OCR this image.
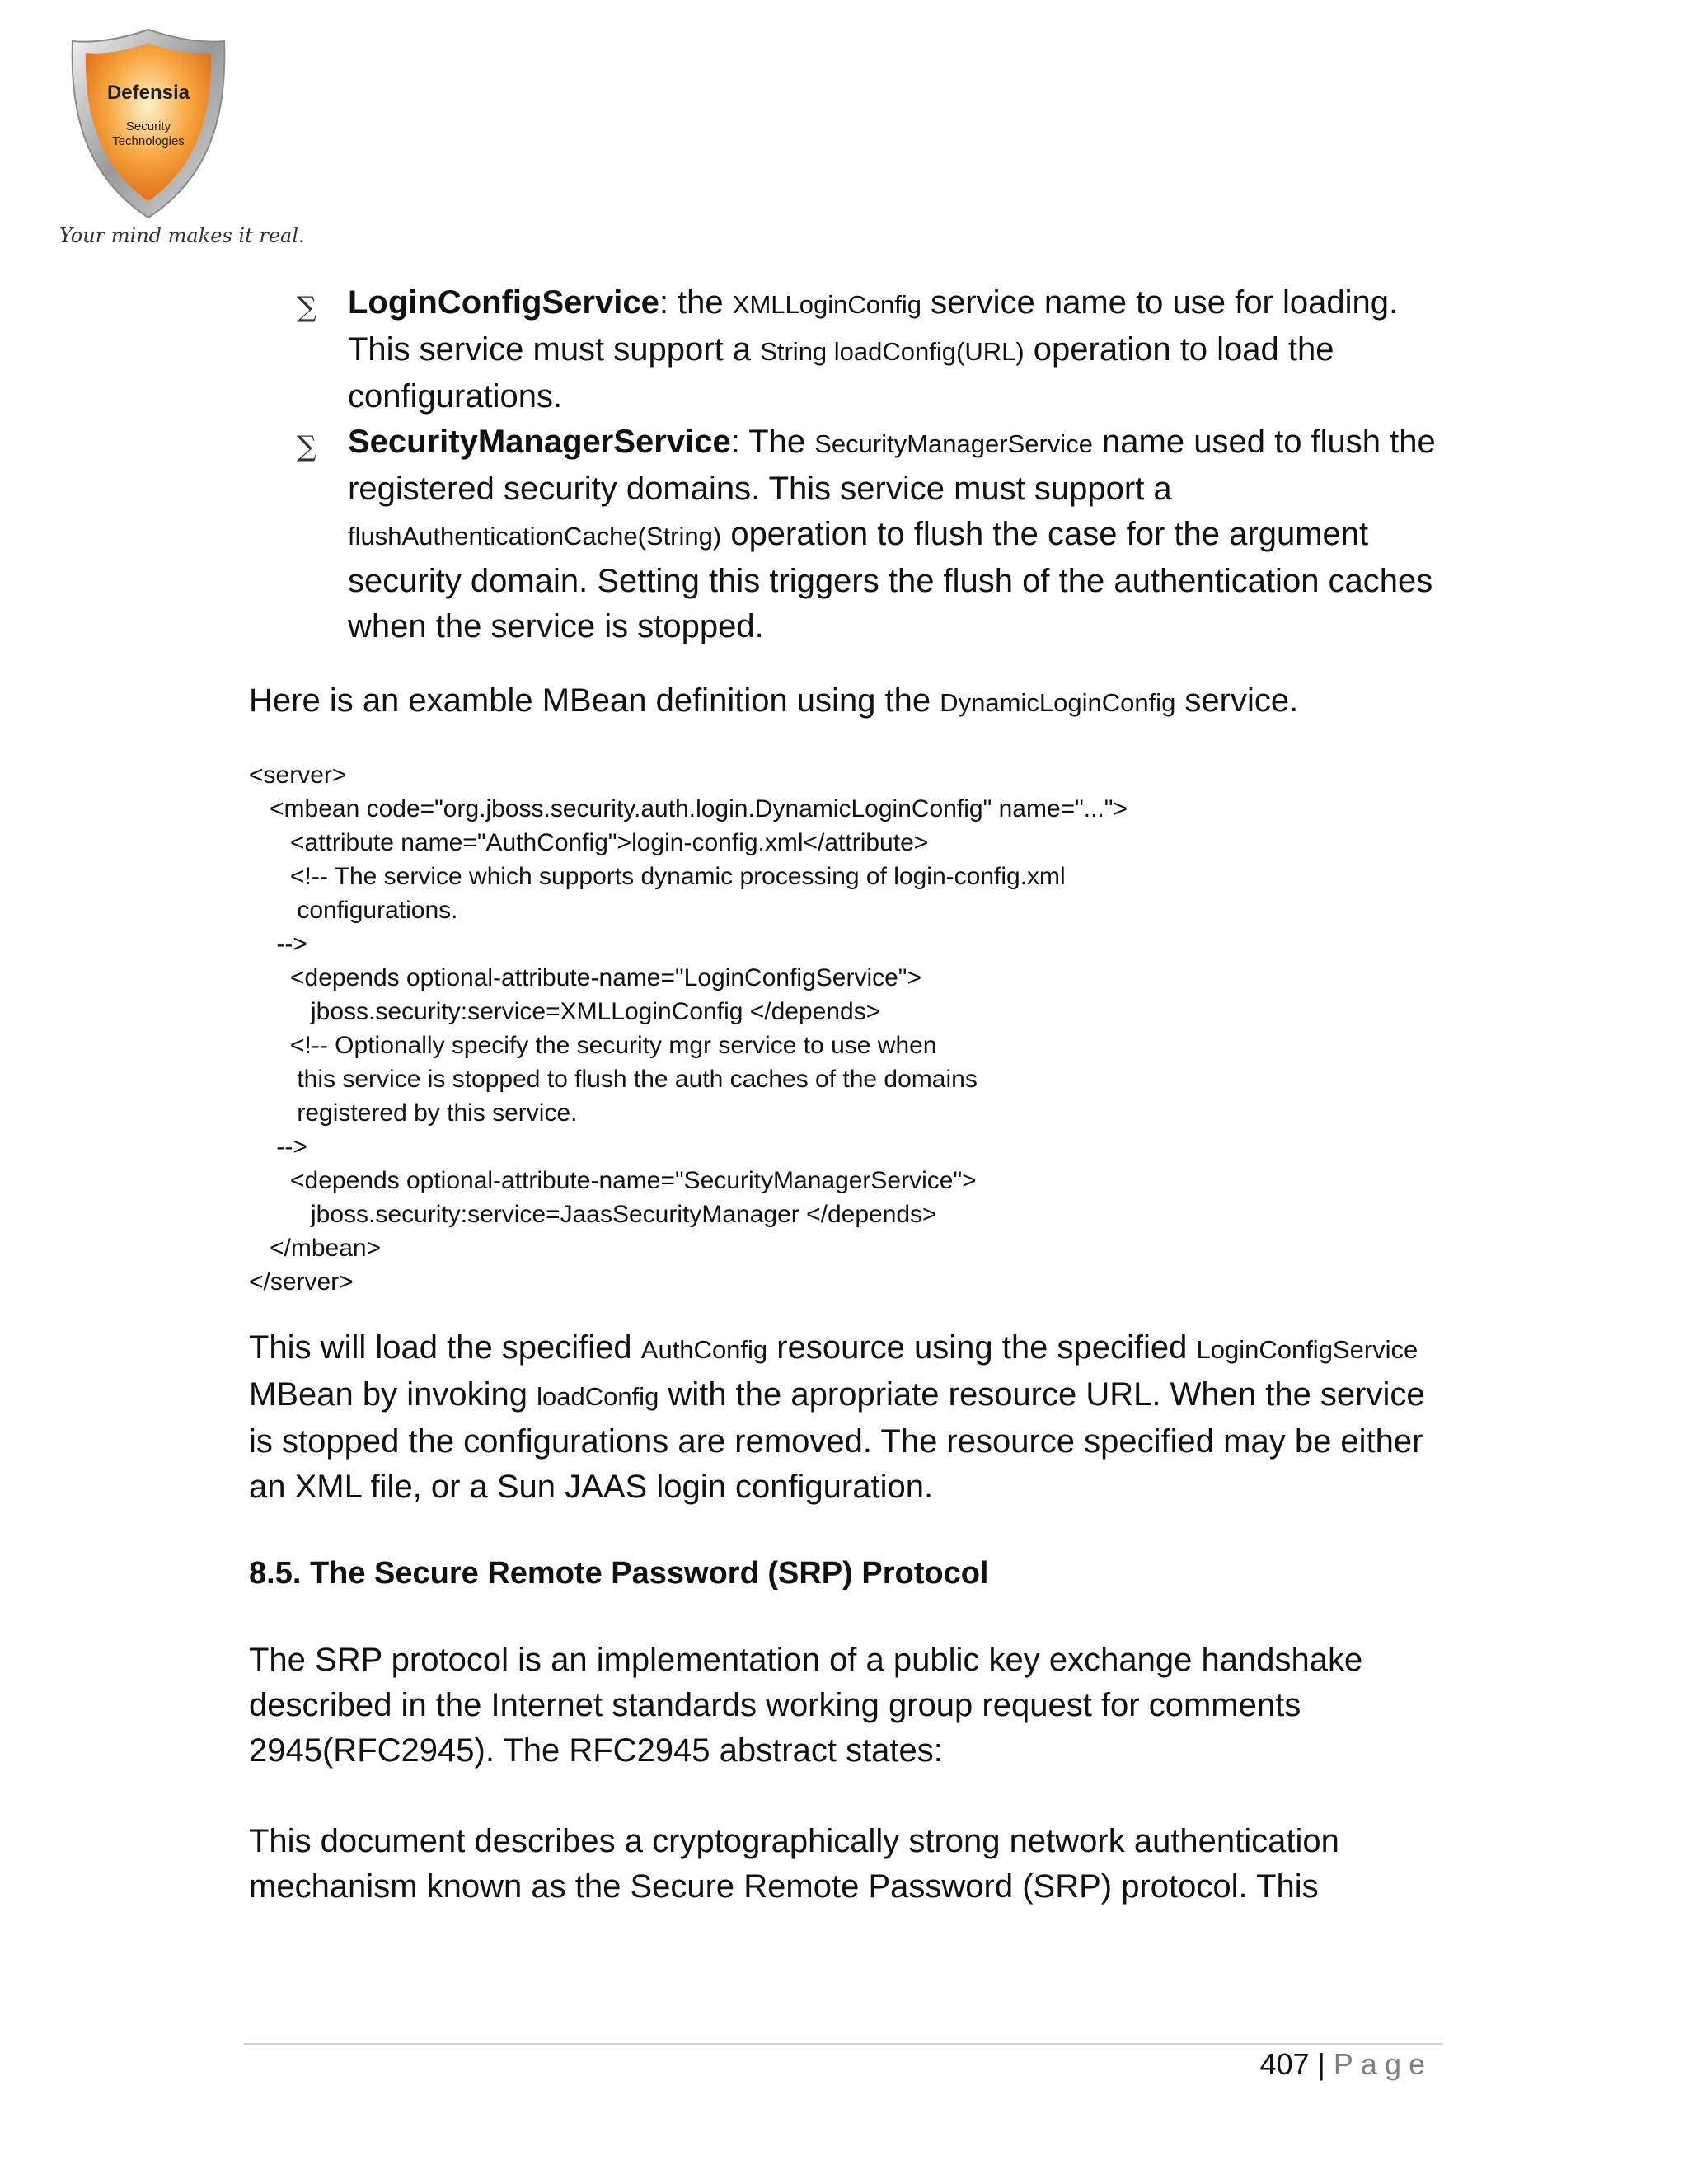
Defensia
Security
Technologies
Your mind makes it real.
∑ LoginConfigService: the XMLLoginConfig service name to use for loading. This service must support a String loadConfig(URL) operation to load the configurations.
∑ SecurityManagerService: The SecurityManagerService name used to flush the registered security domains. This service must support a flushAuthenticationCache(String) operation to flush the case for the argument security domain. Setting this triggers the flush of the authentication caches when the service is stopped.

Here is an examble MBean definition using the DynamicLoginConfig service.

<server>
<mbean code="org.jboss.security.auth.login.DynamicLoginConfig" name="...">
<attribute name="AuthConfig">login-config.xml</attribute>
<!-- The service which supports dynamic processing of login-config.xml
configurations.
-->
<depends optional-attribute-name="LoginConfigService">
jboss.security:service=XMLLoginConfig </depends>
<!-- Optionally specify the security mgr service to use when
this service is stopped to flush the auth caches of the domains
registered by this service.
-->
<depends optional-attribute-name="SecurityManagerService">
jboss.security:service=JaasSecurityManager </depends>
</mbean>
</server>

This will load the specified AuthConfig resource using the specified LoginConfigService MBean by invoking loadConfig with the apropriate resource URL. When the service is stopped the configurations are removed. The resource specified may be either an XML file, or a Sun JAAS login configuration.

8.5. The Secure Remote Password (SRP) Protocol

The SRP protocol is an implementation of a public key exchange handshake described in the Internet standards working group request for comments 2945(RFC2945). The RFC2945 abstract states:

This document describes a cryptographically strong network authentication mechanism known as the Secure Remote Password (SRP) protocol. This

407 | Page
